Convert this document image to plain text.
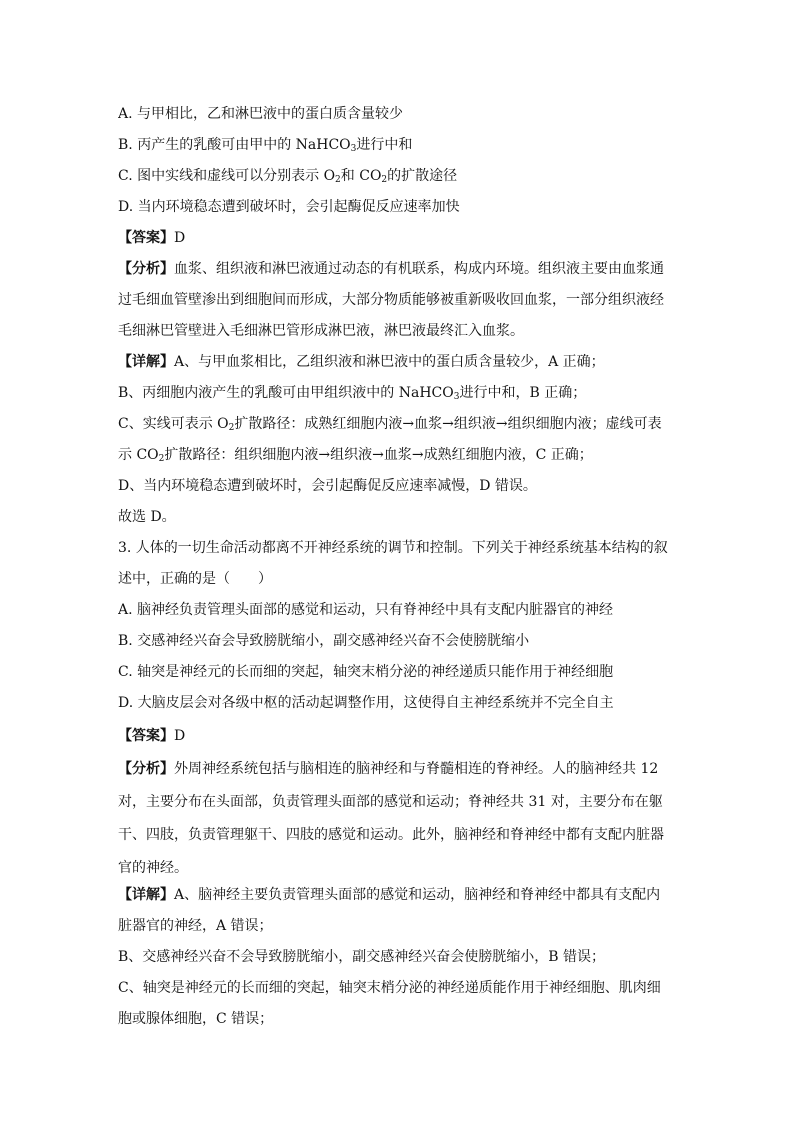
A. 与甲相比，乙和淋巴液中的蛋白质含量较少
B. 丙产生的乳酸可由甲中的 NaHCO$_3$进行中和
C. 图中实线和虚线可以分别表示 $O_2$和 $CO_2$的扩散途径
D. 当内环境稳态遭到破坏时，会引起酶促反应速率加快
【答案】D
【分析】血浆、组织液和淋巴液通过动态的有机联系，构成内环境。组织液主要由血浆通
过毛细血管壁渗出到细胞间而形成，大部分物质能够被重新吸收回血浆，一部分组织液经
毛细淋巴管壁进入毛细淋巴管形成淋巴液，淋巴液最终汇入血浆。
【详解】A、与甲血浆相比，乙组织液和淋巴液中的蛋白质含量较少，A 正确；
B、丙细胞内液产生的乳酸可由甲组织液中的 NaHCO$_3$进行中和，B 正确；
C、实线可表示 $O_2$扩散路径：成熟红细胞内液→血浆→组织液→组织细胞内液；虚线可表
示 $CO_2$扩散路径：组织细胞内液→组织液→血浆→成熟红细胞内液，C 正确；
D、当内环境稳态遭到破坏时，会引起酶促反应速率减慢，D 错误。
故选 D。
3. 人体的一切生命活动都离不开神经系统的调节和控制。下列关于神经系统基本结构的叙
述中，正确的是（　　）
A. 脑神经负责管理头面部的感觉和运动，只有脊神经中具有支配内脏器官的神经
B. 交感神经兴奋会导致膀胱缩小，副交感神经兴奋不会使膀胱缩小
C. 轴突是神经元的长而细的突起，轴突末梢分泌的神经递质只能作用于神经细胞
D. 大脑皮层会对各级中枢的活动起调整作用，这使得自主神经系统并不完全自主
【答案】D
【分析】外周神经系统包括与脑相连的脑神经和与脊髓相连的脊神经。人的脑神经共 12
对，主要分布在头面部，负责管理头面部的感觉和运动；脊神经共 31 对，主要分布在躯
干、四肢，负责管理躯干、四肢的感觉和运动。此外，脑神经和脊神经中都有支配内脏器
官的神经。
【详解】A、脑神经主要负责管理头面部的感觉和运动，脑神经和脊神经中都具有支配内
脏器官的神经，A 错误；
B、交感神经兴奋不会导致膀胱缩小，副交感神经兴奋会使膀胱缩小，B 错误；
C、轴突是神经元的长而细的突起，轴突末梢分泌的神经递质能作用于神经细胞、肌肉细
胞或腺体细胞，C 错误；
